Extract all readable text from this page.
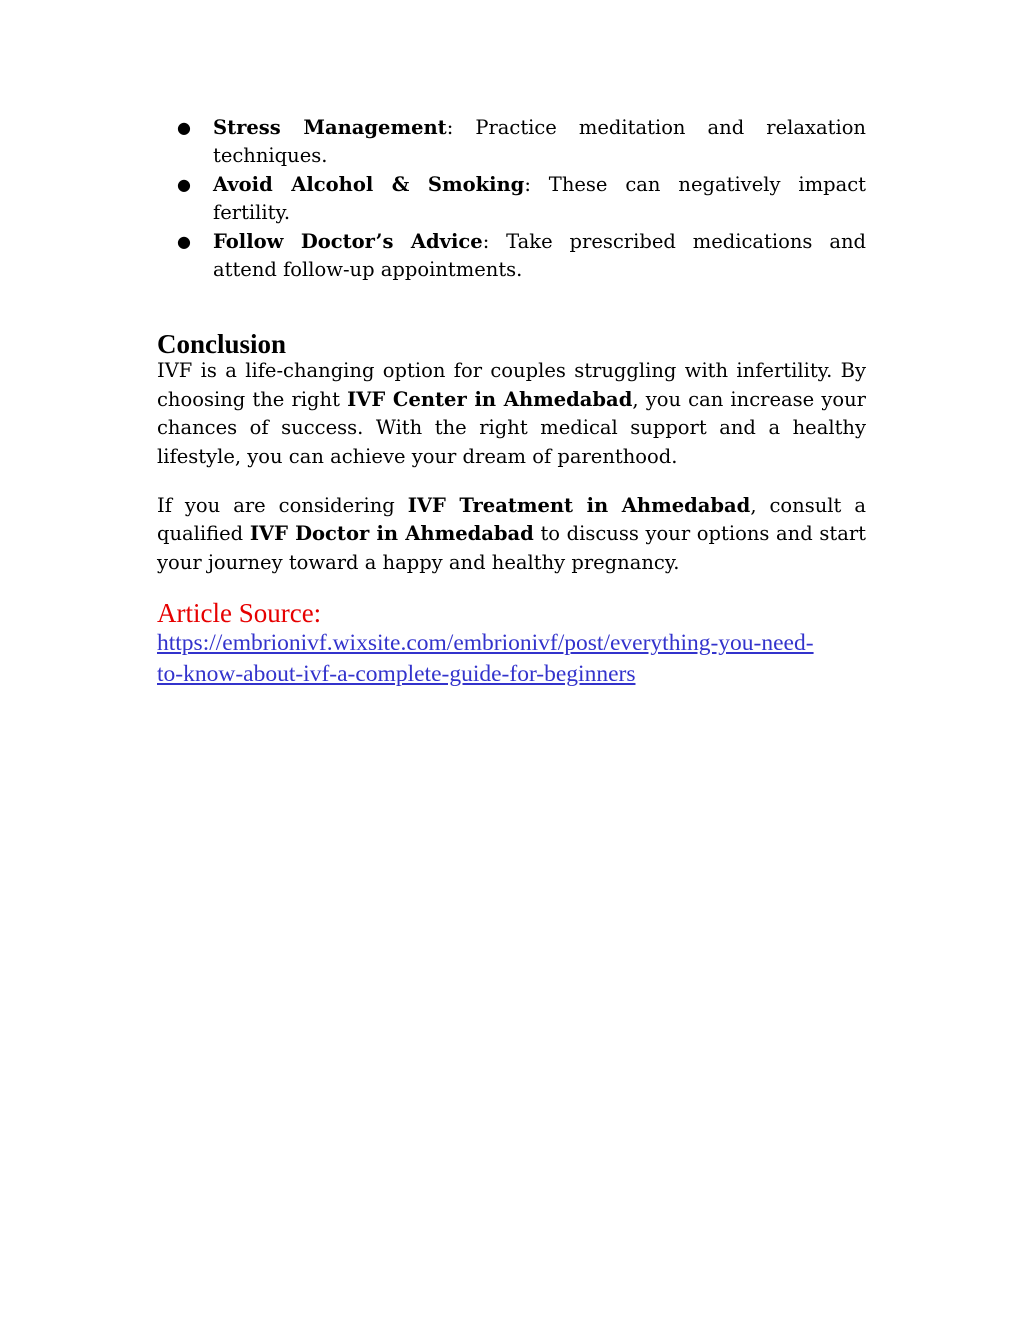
● Stress Management: Practice meditation and relaxation techniques.
● Avoid Alcohol & Smoking: These can negatively impact fertility.
● Follow Doctor’s Advice: Take prescribed medications and attend follow-up appointments.
Conclusion

IVF is a life-changing option for couples struggling with infertility. By choosing the right IVF Center in Ahmedabad, you can increase your chances of success. With the right medical support and a healthy lifestyle, you can achieve your dream of parenthood.

If you are considering IVF Treatment in Ahmedabad, consult a qualified IVF Doctor in Ahmedabad to discuss your options and start your journey toward a happy and healthy pregnancy.

Article Source:
https://embrionivf.wixsite.com/embrionivf/post/everything-you-need-
to-know-about-ivf-a-complete-guide-for-beginners
